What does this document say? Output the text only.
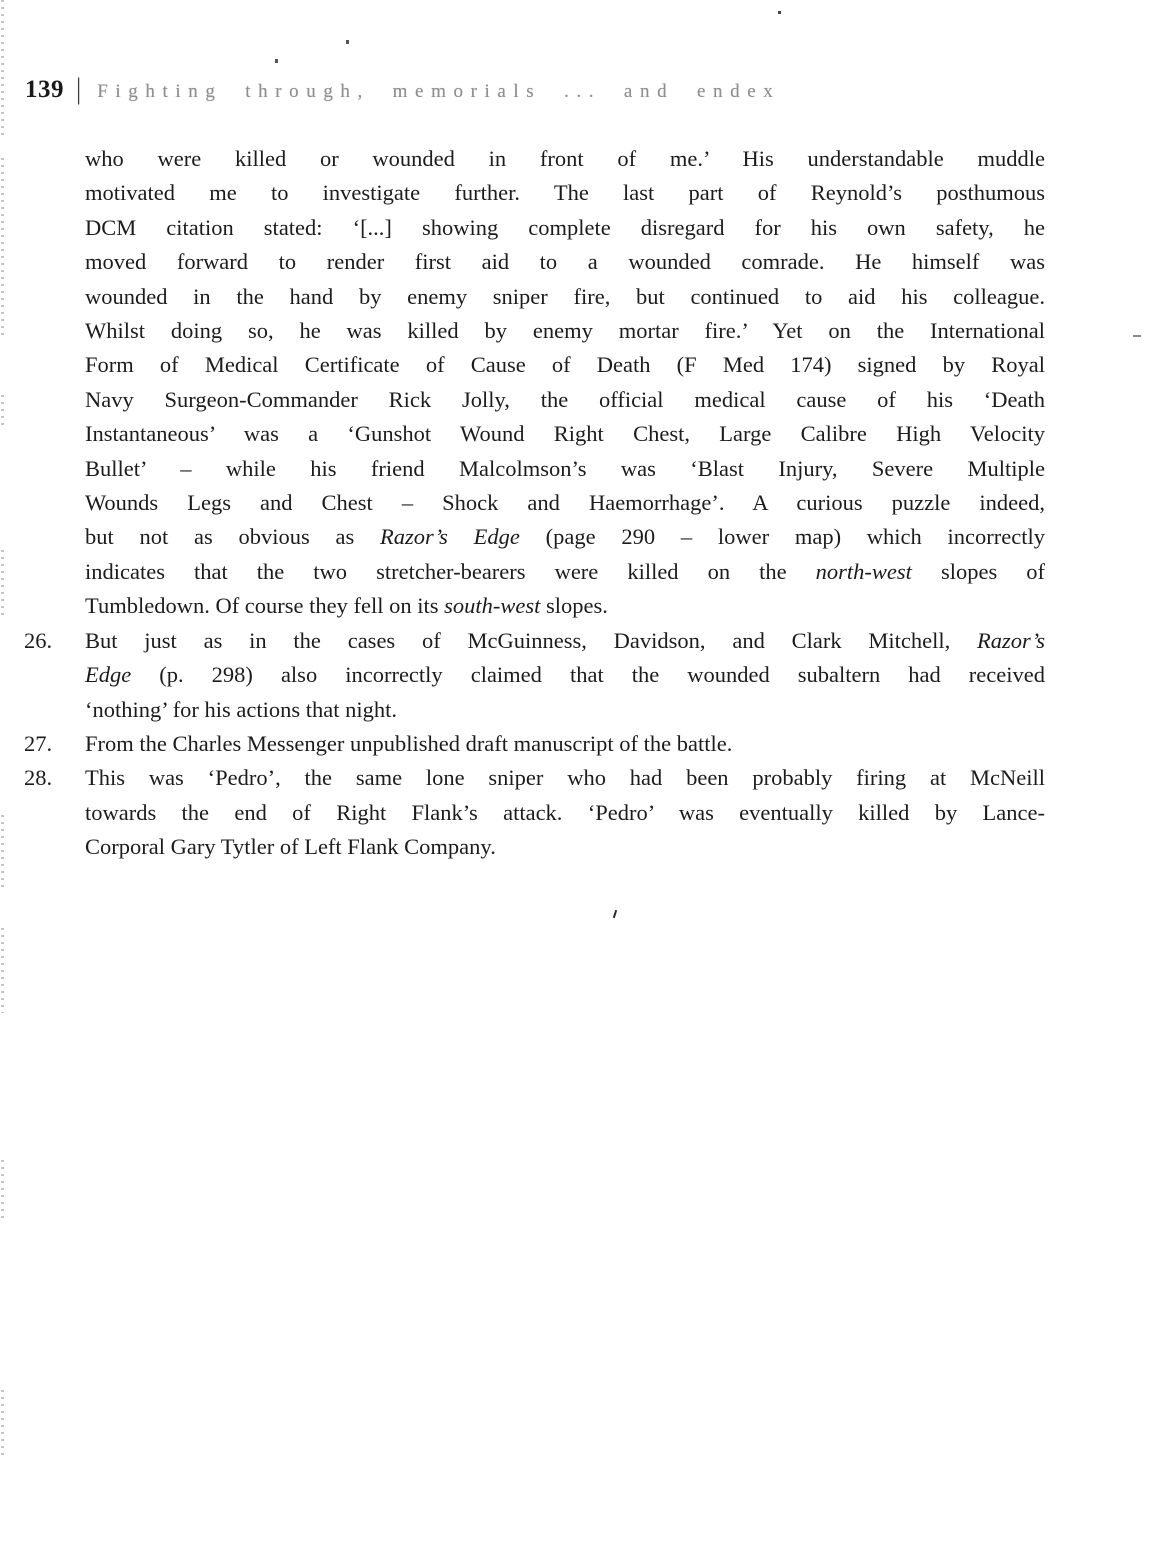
139 | Fighting through, memorials ... and endex
who were killed or wounded in front of me.’ His understandable muddle
motivated me to investigate further. The last part of Reynold’s posthumous
DCM citation stated: ‘[...] showing complete disregard for his own safety, he
moved forward to render first aid to a wounded comrade. He himself was
wounded in the hand by enemy sniper fire, but continued to aid his colleague.
Whilst doing so, he was killed by enemy mortar fire.’ Yet on the International
Form of Medical Certificate of Cause of Death (F Med 174) signed by Royal
Navy Surgeon-Commander Rick Jolly, the official medical cause of his ‘Death
Instantaneous’ was a ‘Gunshot Wound Right Chest, Large Calibre High Velocity
Bullet’ – while his friend Malcolmson’s was ‘Blast Injury, Severe Multiple
Wounds Legs and Chest – Shock and Haemorrhage’. A curious puzzle indeed,
but not as obvious as Razor’s Edge (page 290 – lower map) which incorrectly
indicates that the two stretcher-bearers were killed on the north-west slopes of
Tumbledown. Of course they fell on its south-west slopes.
26.	But just as in the cases of McGuinness, Davidson, and Clark Mitchell, Razor’s
Edge (p. 298) also incorrectly claimed that the wounded subaltern had received
‘nothing’ for his actions that night.
27.	From the Charles Messenger unpublished draft manuscript of the battle.
28.	This was ‘Pedro’, the same lone sniper who had been probably firing at McNeill
towards the end of Right Flank’s attack. ‘Pedro’ was eventually killed by Lance-
Corporal Gary Tytler of Left Flank Company.
